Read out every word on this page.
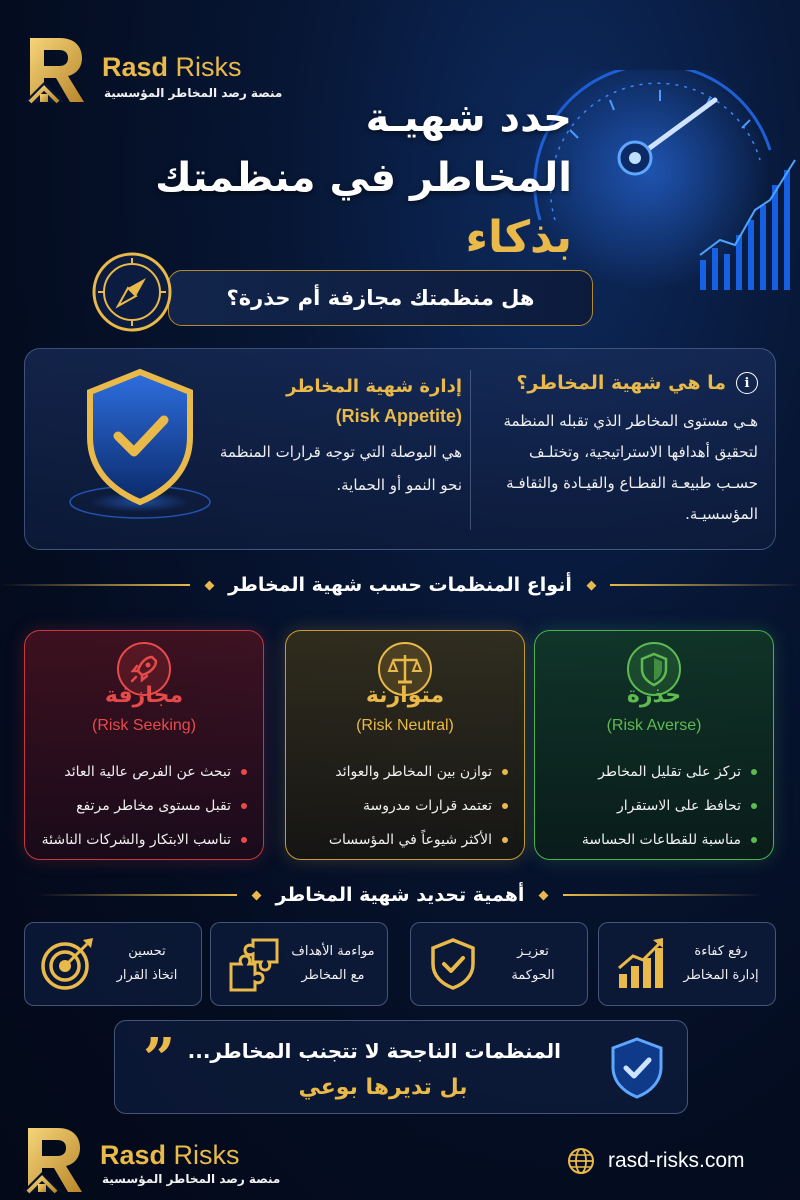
Rasd Risks
منصة رصد المخاطر المؤسسية
حدد شهيـة
المخاطر في منظمتك
بذكاء
هل منظمتك مجازفة أم حذرة؟
i
ما هي شهية المخاطر؟

هـي مستوى المخاطر الذي تقبله المنظمة لتحقيق أهدافها الاستراتيجية، وتختلـف حسـب طبيعـة القطـاع والقيـادة والثقافـة المؤسسيـة.

إدارة شهية المخاطر
(Risk Appetite)

هي البوصلة التي توجه قرارات المنظمة نحو النمو أو الحماية.

أنواع المنظمات حسب شهية المخاطر
مجازفة
(Risk Seeking)
تبحث عن الفرص عالية العائد
تقبل مستوى مخاطر مرتفع
تناسب الابتكار والشركات الناشئة
متوازنة
(Risk Neutral)
توازن بين المخاطر والعوائد
تعتمد قرارات مدروسة
الأكثر شيوعاً في المؤسسات
حذرة
(Risk Averse)
تركز على تقليل المخاطر
تحافظ على الاستقرار
مناسبة للقطاعات الحساسة
أهمية تحديد شهية المخاطر
رفع كفاءة
إدارة المخاطر
تعزيـز
الحوكمة
مواءمة الأهداف
مع المخاطر
تحسين
اتخاذ القرار
” المنظمات الناجحة لا تتجنب المخاطر...
بل تديرها بوعي
Rasd Risks
منصة رصد المخاطر المؤسسية
rasd-risks.com
